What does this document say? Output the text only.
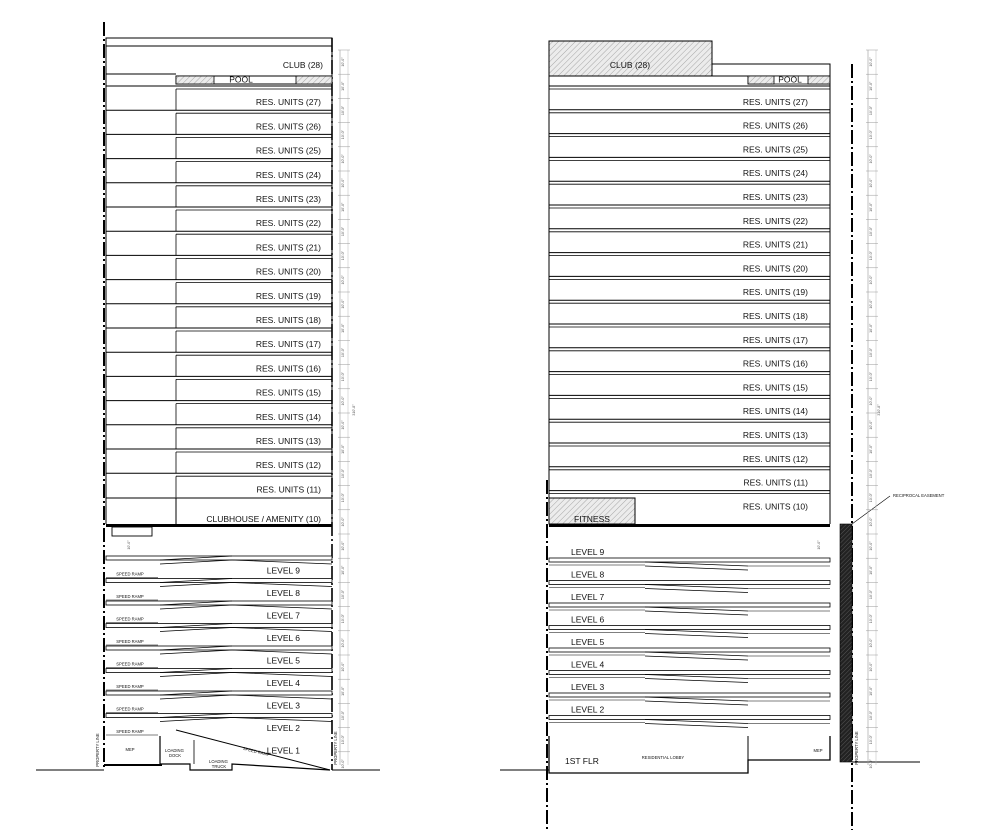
CLUB (28)
POOL
RES. UNITS (27)
RES. UNITS (26)
RES. UNITS (25)
RES. UNITS (24)
RES. UNITS (23)
RES. UNITS (22)
RES. UNITS (21)
RES. UNITS (20)
RES. UNITS (19)
RES. UNITS (18)
RES. UNITS (17)
RES. UNITS (16)
RES. UNITS (15)
RES. UNITS (14)
RES. UNITS (13)
RES. UNITS (12)
RES. UNITS (11)
CLUBHOUSE / AMENITY (10)
SPEED RAMP	LEVEL 9
SPEED RAMP	LEVEL 8
SPEED RAMP	LEVEL 7
SPEED RAMP	LEVEL 6
SPEED RAMP	LEVEL 5
SPEED RAMP	LEVEL 4
SPEED RAMP	LEVEL 3
SPEED RAMP	LEVEL 2
LEVEL 1
MEP	LOADING DOCK
LOADING TRUCK
SPEED RAMP
PROPERTY LINE	PROPERTY LINE
10'-0"
10'-0"
10'-0"
10'-0"
10'-0"
10'-0"
10'-0"
10'-0"
10'-0"
10'-0"
10'-0"
10'-0"
10'-0"
10'-0"
10'-0"
10'-0"
10'-0"
10'-0"
10'-0"
10'-0"
10'-0"
10'-0"
10'-0"
10'-0"
10'-0"
10'-0"
10'-0"
10'-0"
10'-0"
10'-0"
310'-8"
10'-0"
CLUB (28)
POOL
RES. UNITS (27)
RES. UNITS (26)
RES. UNITS (25)
RES. UNITS (24)
RES. UNITS (23)
RES. UNITS (22)
RES. UNITS (21)
RES. UNITS (20)
RES. UNITS (19)
RES. UNITS (18)
RES. UNITS (17)
RES. UNITS (16)
RES. UNITS (15)
RES. UNITS (14)
RES. UNITS (13)
RES. UNITS (12)
RES. UNITS (11)
RES. UNITS (10)
FITNESS
LEVEL 9
LEVEL 8
LEVEL 7
LEVEL 6
LEVEL 5
LEVEL 4
LEVEL 3
LEVEL 2
1ST FLR	RESIDENTIAL LOBBY
MEP
RECIPROCAL EASEMENT
PROPERTY LINE
10'-0"
10'-0"
10'-0"
10'-0"
10'-0"
10'-0"
10'-0"
10'-0"
10'-0"
10'-0"
10'-0"
10'-0"
10'-0"
10'-0"
10'-0"
10'-0"
10'-0"
10'-0"
10'-0"
10'-0"
10'-0"
10'-0"
10'-0"
10'-0"
10'-0"
10'-0"
10'-0"
10'-0"
10'-0"
10'-0"
310'-8"
10'-0"
